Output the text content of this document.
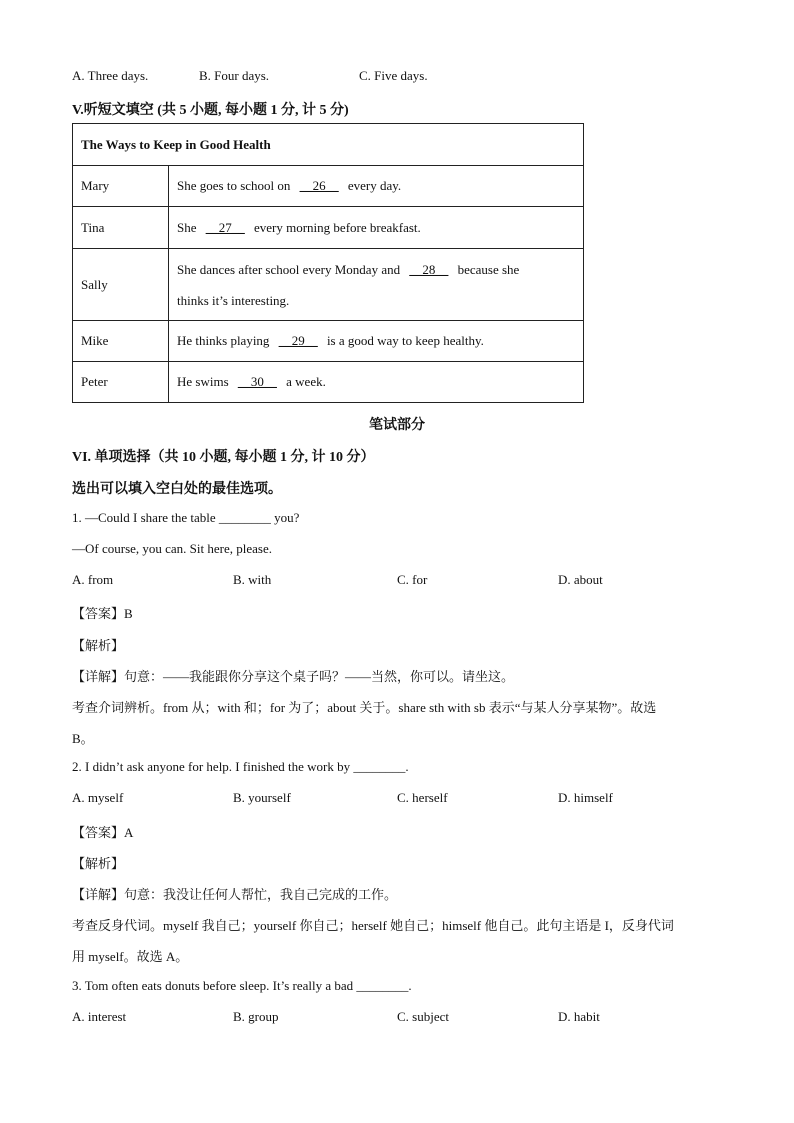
A. Three days.	B. Four days.	C. Five days.
V.听短文填空 (共 5 小题, 每小题 1 分, 计 5 分)
The Ways to Keep in Good Health	
Mary	She goes to school on __26__ every day.
Tina	She __27__ every morning before breakfast.
Sally	She dances after school every Monday and __28__ because she
thinks it’s interesting.
Mike	He thinks playing __29__ is a good way to keep healthy.
Peter	He swims __30__ a week.
笔试部分
VI. 单项选择（共 10 小题, 每小题 1 分, 计 10 分）
选出可以填入空白处的最佳选项。
1. —Could I share the table ________ you?
—Of course, you can. Sit here, please.
A. from	B. with	C. for	D. about
【答案】B
【解析】
【详解】句意：——我能跟你分享这个桌子吗？——当然，你可以。请坐这。
考查介词辨析。from 从；with 和；for 为了；about 关于。share sth with sb 表示“与某人分享某物”。故选
B。
2. I didn’t ask anyone for help. I finished the work by ________.
A. myself	B. yourself	C. herself	D. himself
【答案】A
【解析】
【详解】句意：我没让任何人帮忙，我自己完成的工作。
考查反身代词。myself 我自己；yourself 你自己；herself 她自己；himself 他自己。此句主语是 I，反身代词
用 myself。故选 A。
3. Tom often eats donuts before sleep. It’s really a bad ________.
A. interest	B. group	C. subject	D. habit
